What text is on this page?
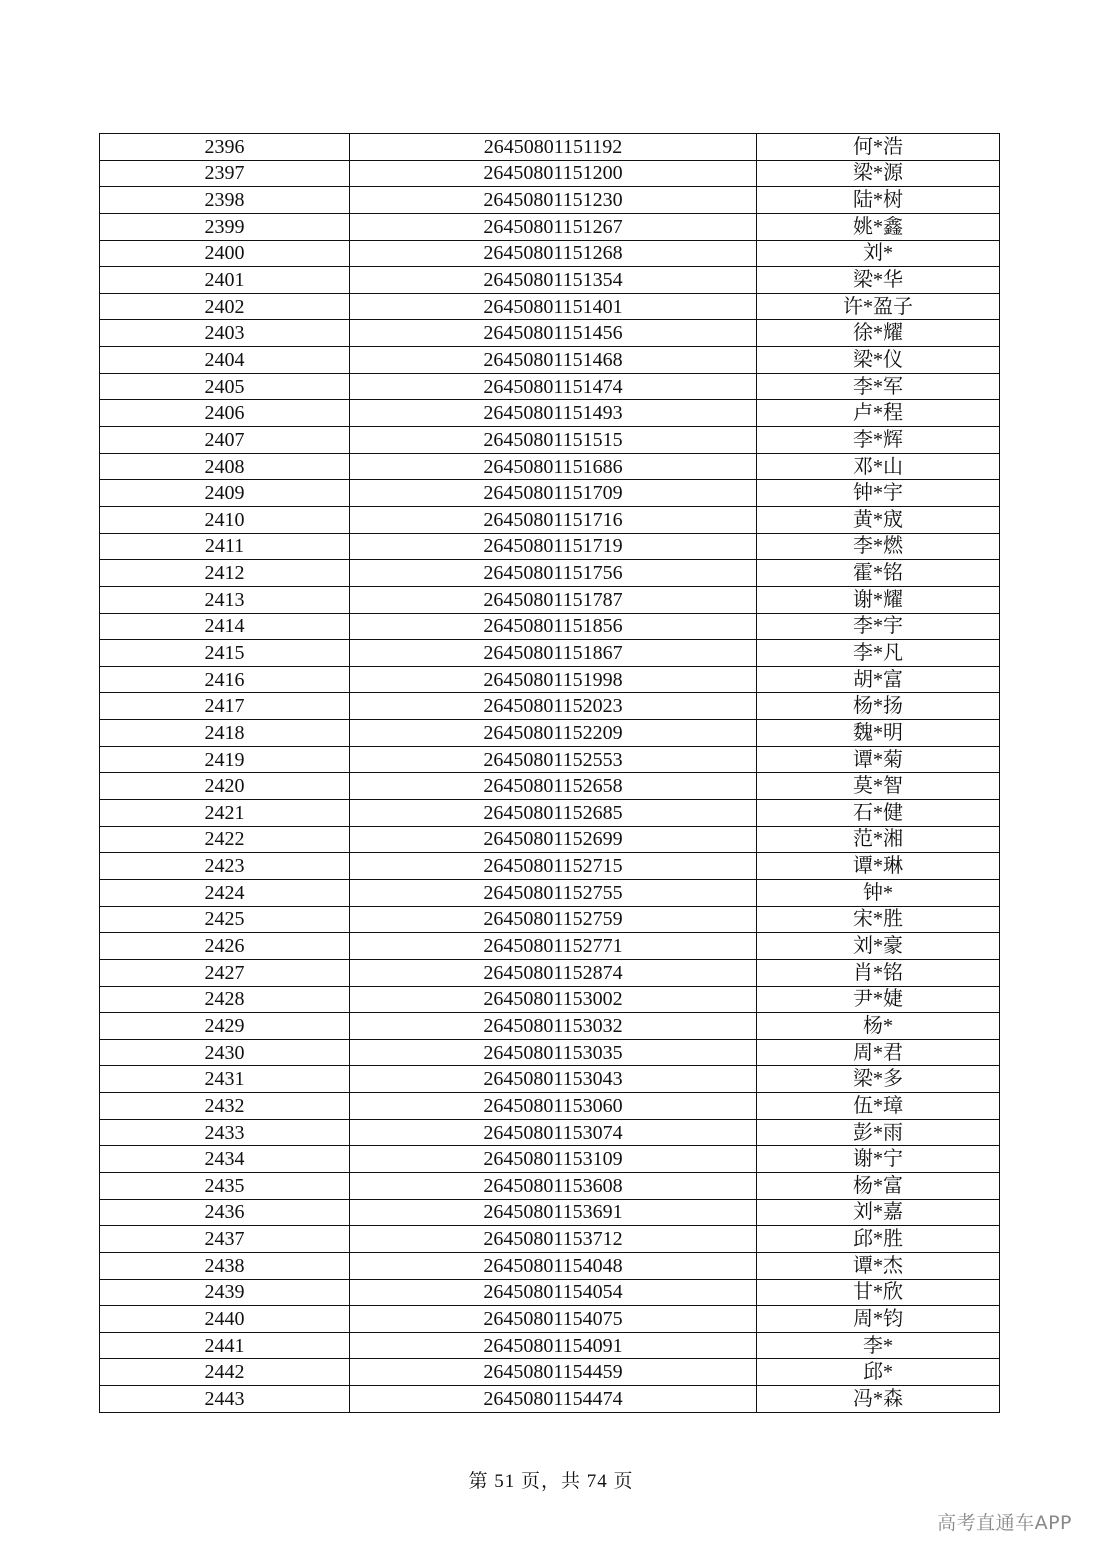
2396	26450801151192	何*浩
2397	26450801151200	梁*源
2398	26450801151230	陆*树
2399	26450801151267	姚*鑫
2400	26450801151268	刘*
2401	26450801151354	梁*华
2402	26450801151401	许*盈子
2403	26450801151456	徐*耀
2404	26450801151468	梁*仪
2405	26450801151474	李*军
2406	26450801151493	卢*程
2407	26450801151515	李*辉
2408	26450801151686	邓*山
2409	26450801151709	钟*宇
2410	26450801151716	黄*宬
2411	26450801151719	李*燃
2412	26450801151756	霍*铭
2413	26450801151787	谢*耀
2414	26450801151856	李*宇
2415	26450801151867	李*凡
2416	26450801151998	胡*富
2417	26450801152023	杨*扬
2418	26450801152209	魏*明
2419	26450801152553	谭*菊
2420	26450801152658	莫*智
2421	26450801152685	石*健
2422	26450801152699	范*湘
2423	26450801152715	谭*琳
2424	26450801152755	钟*
2425	26450801152759	宋*胜
2426	26450801152771	刘*豪
2427	26450801152874	肖*铭
2428	26450801153002	尹*婕
2429	26450801153032	杨*
2430	26450801153035	周*君
2431	26450801153043	梁*多
2432	26450801153060	伍*璋
2433	26450801153074	彭*雨
2434	26450801153109	谢*宁
2435	26450801153608	杨*富
2436	26450801153691	刘*嘉
2437	26450801153712	邱*胜
2438	26450801154048	谭*杰
2439	26450801154054	甘*欣
2440	26450801154075	周*钧
2441	26450801154091	李*
2442	26450801154459	邱*
2443	26450801154474	冯*森
第 51 页，共 74 页
高考直通车APP
